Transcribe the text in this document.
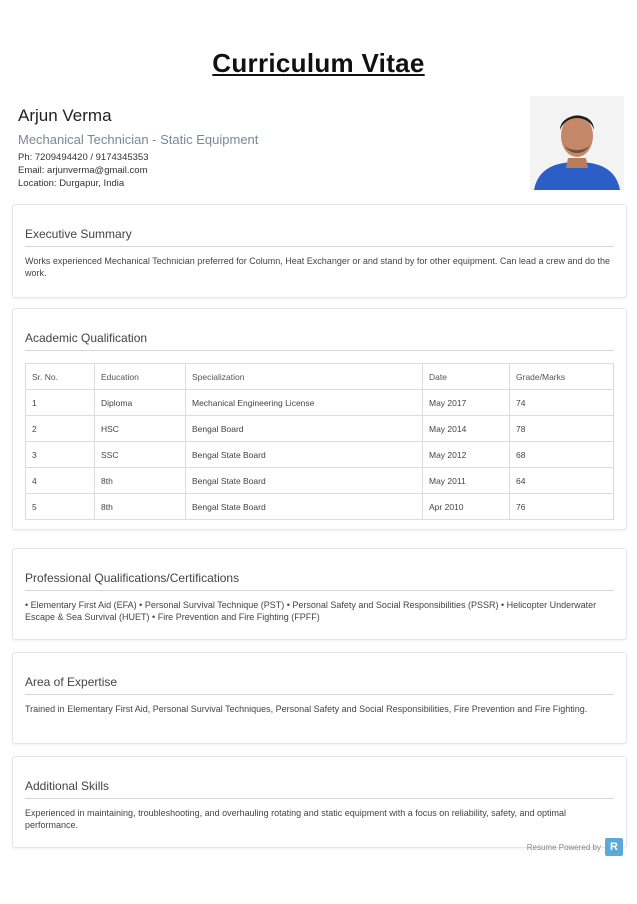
Curriculum Vitae
Arjun Verma
Mechanical Technician - Static Equipment
Ph: 7209494420 / 9174345353
Email: arjunverma@gmail.com
Location: Durgapur, India
Executive Summary
Works experienced Mechanical Technician preferred for Column, Heat Exchanger or and stand by for other equipment. Can lead a crew and do the work.
Academic Qualification
Sr. No.	Education	Specialization	Date	Grade/Marks
1	Diploma	Mechanical Engineering License	May 2017	74
2	HSC	Bengal Board	May 2014	78
3	SSC	Bengal State Board	May 2012	68
4	8th	Bengal State Board	May 2011	64
5	8th	Bengal State Board	Apr 2010	76
Professional Qualifications/Certifications
• Elementary First Aid (EFA) • Personal Survival Technique (PST) • Personal Safety and Social Responsibilities (PSSR) • Helicopter Underwater Escape & Sea Survival (HUET) • Fire Prevention and Fire Fighting (FPFF)
Area of Expertise
Trained in Elementary First Aid, Personal Survival Techniques, Personal Safety and Social Responsibilities, Fire Prevention and Fire Fighting.
Additional Skills
Experienced in maintaining, troubleshooting, and overhauling rotating and static equipment with a focus on reliability, safety, and optimal performance.
Resume Powered by R
